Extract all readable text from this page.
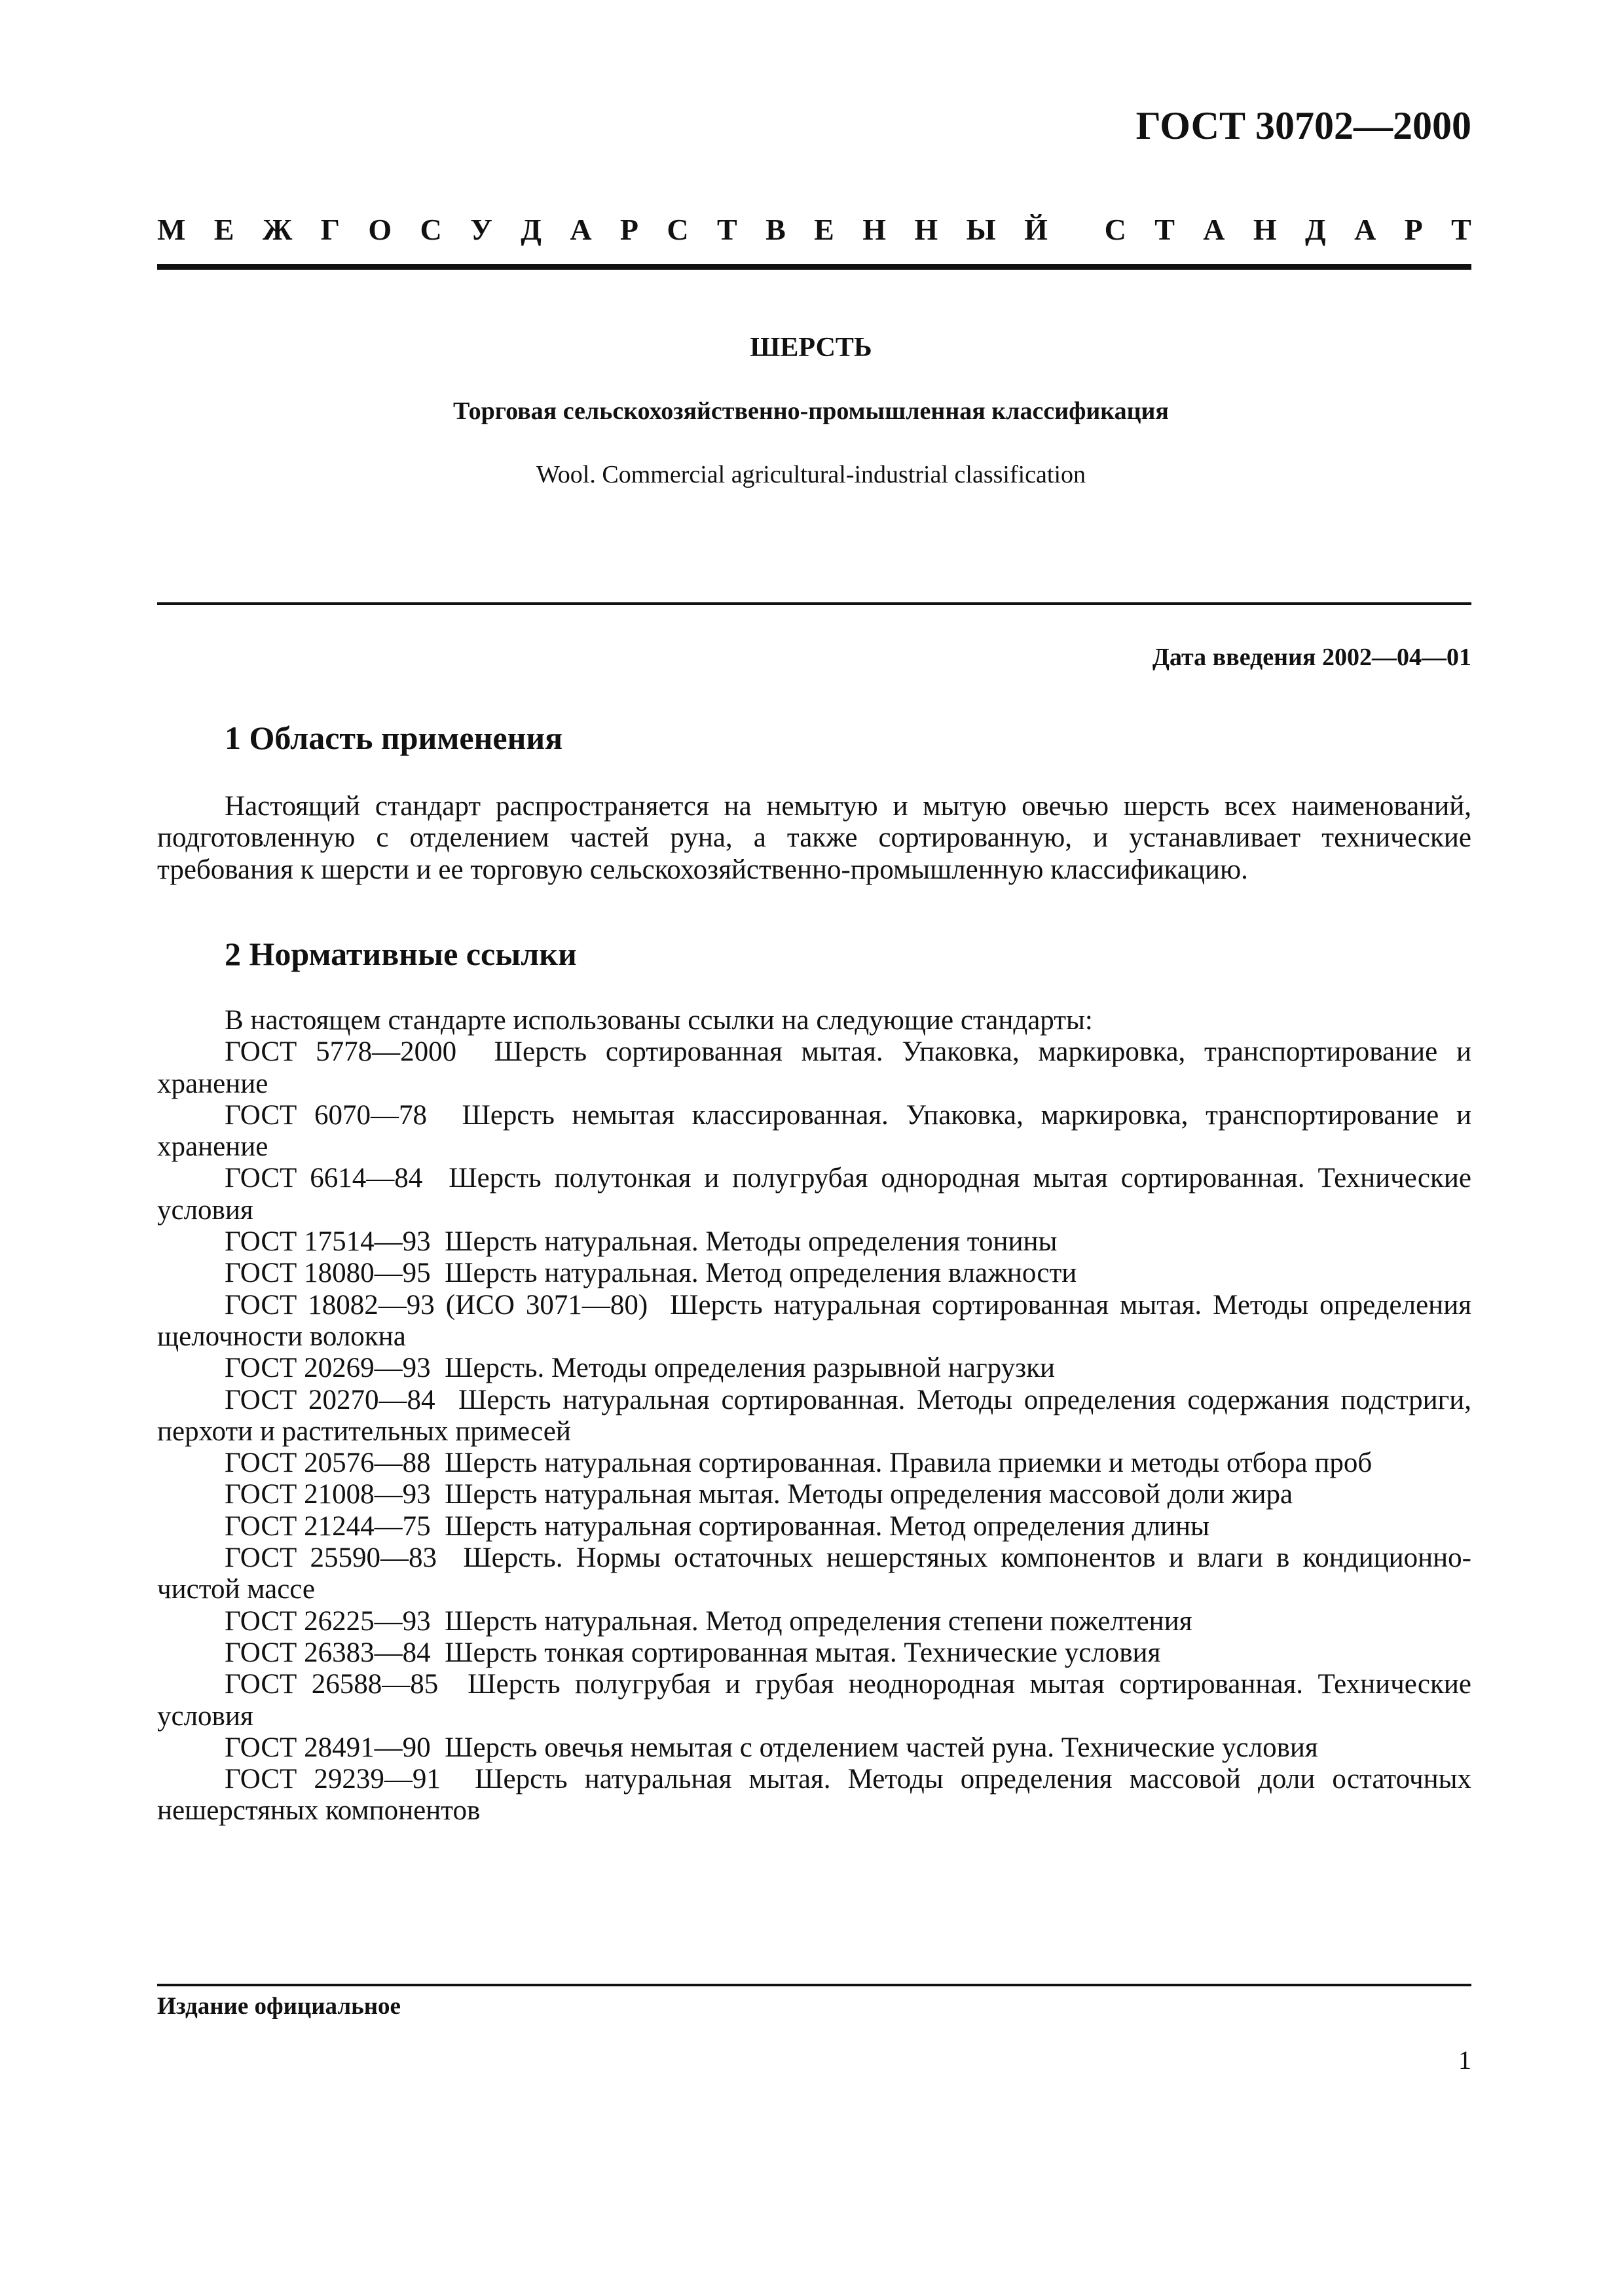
ГОСТ 30702—2000
М Е Ж Г О С У Д А Р С Т В Е Н Н Ы Й С Т А Н Д А Р Т
ШЕРСТЬ
Торговая сельскохозяйственно-промышленная классификация
Wool. Commercial agricultural-industrial classification
Дата введения 2002—04—01
1 Область применения

Настоящий стандарт распространяется на немытую и мытую овечью шерсть всех наименований, подготовленную с отделением частей руна, а также сортированную, и устанавливает технические требования к шерсти и ее торговую сельскохозяйственно-промышленную классификацию.

2 Нормативные ссылки

В настоящем стандарте использованы ссылки на следующие стандарты:

ГОСТ 5778—2000 Шерсть сортированная мытая. Упаковка, маркировка, транспортирование и хранение

ГОСТ 6070—78 Шерсть немытая классированная. Упаковка, маркировка, транспортирование и хранение

ГОСТ 6614—84 Шерсть полутонкая и полугрубая однородная мытая сортированная. Технические условия

ГОСТ 17514—93 Шерсть натуральная. Методы определения тонины

ГОСТ 18080—95 Шерсть натуральная. Метод определения влажности

ГОСТ 18082—93 (ИСО 3071—80) Шерсть натуральная сортированная мытая. Методы определения щелочности волокна

ГОСТ 20269—93 Шерсть. Методы определения разрывной нагрузки

ГОСТ 20270—84 Шерсть натуральная сортированная. Методы определения содержания подстриги, перхоти и растительных примесей

ГОСТ 20576—88 Шерсть натуральная сортированная. Правила приемки и методы отбора проб

ГОСТ 21008—93 Шерсть натуральная мытая. Методы определения массовой доли жира

ГОСТ 21244—75 Шерсть натуральная сортированная. Метод определения длины

ГОСТ 25590—83 Шерсть. Нормы остаточных нешерстяных компонентов и влаги в кондиционно-чистой массе

ГОСТ 26225—93 Шерсть натуральная. Метод определения степени пожелтения

ГОСТ 26383—84 Шерсть тонкая сортированная мытая. Технические условия

ГОСТ 26588—85 Шерсть полугрубая и грубая неоднородная мытая сортированная. Технические условия

ГОСТ 28491—90 Шерсть овечья немытая с отделением частей руна. Технические условия

ГОСТ 29239—91 Шерсть натуральная мытая. Методы определения массовой доли остаточных нешерстяных компонентов

Издание официальное
1
